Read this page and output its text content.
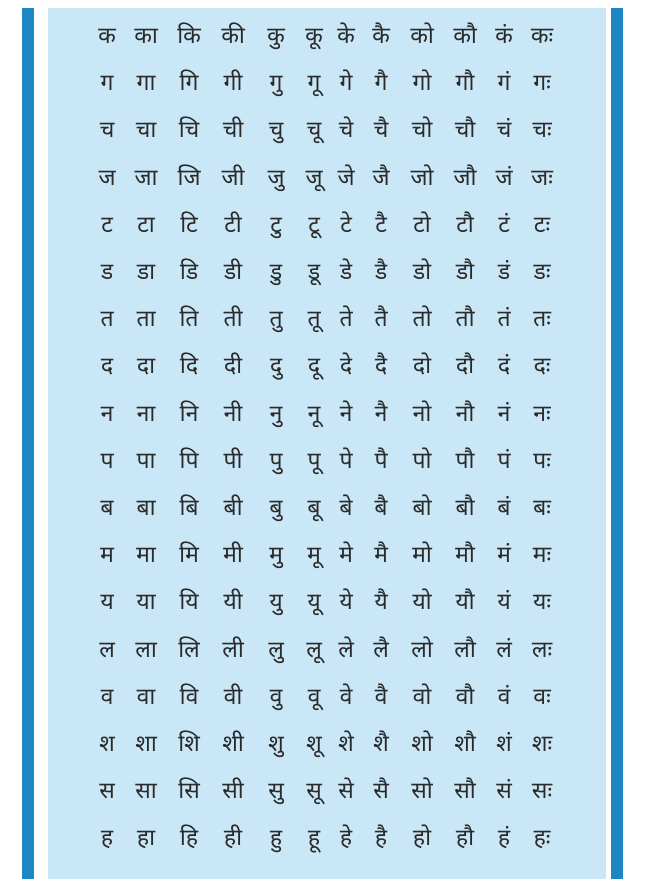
क का कि की कु कू के कै को कौ कं कः
ग	गा	गि	गी	गु	गू गे गै	गो	गौ	गं गः
च चा चि	ची	चु	चू चे चै	चो चौ चं चः
ज जा जि जी जु जू जे जै जो जौ जं जः
ट	टा	टि	टी	टु	टू टे	टै	टो	टौ	टं	टः
ड	डा	डि	डी	डु	डू डे डै	डो	डौ	डं	डः
त ता	ति	ती	तु	तू ते तै	तो	तौ तं तः
द	दा	दि	दी	दु	दू दे दै	दो	दौ	दं	दः
न	ना	नि	नी	नु	नू ने नै	नो	नौ	नं नः
प पा	पि	पी	पु	पू पे पै	पो	पौ पं पः
ब बा	बि	बी	बु	बू बे बै	बो	बौ बं बः
म मा	मि	मी	मु	मू मे मै	मो	मौ मं मः
य या	यि	यी	यु	यू ये यै	यो	यौ यं यः
ल ला लि ली	लु लू ले लै लो लौ लं लः
व	वा	वि	वी	वु	वू वे वै	वो	वौ	वं वः
श शा शि शी	शु शू शे शै शो शौ शं शः
स सा सि सी	सु सू से सै सो सौ सं सः
ह	हा	हि	ही	हु	हू हे है	हो	हौ	हं	हः
